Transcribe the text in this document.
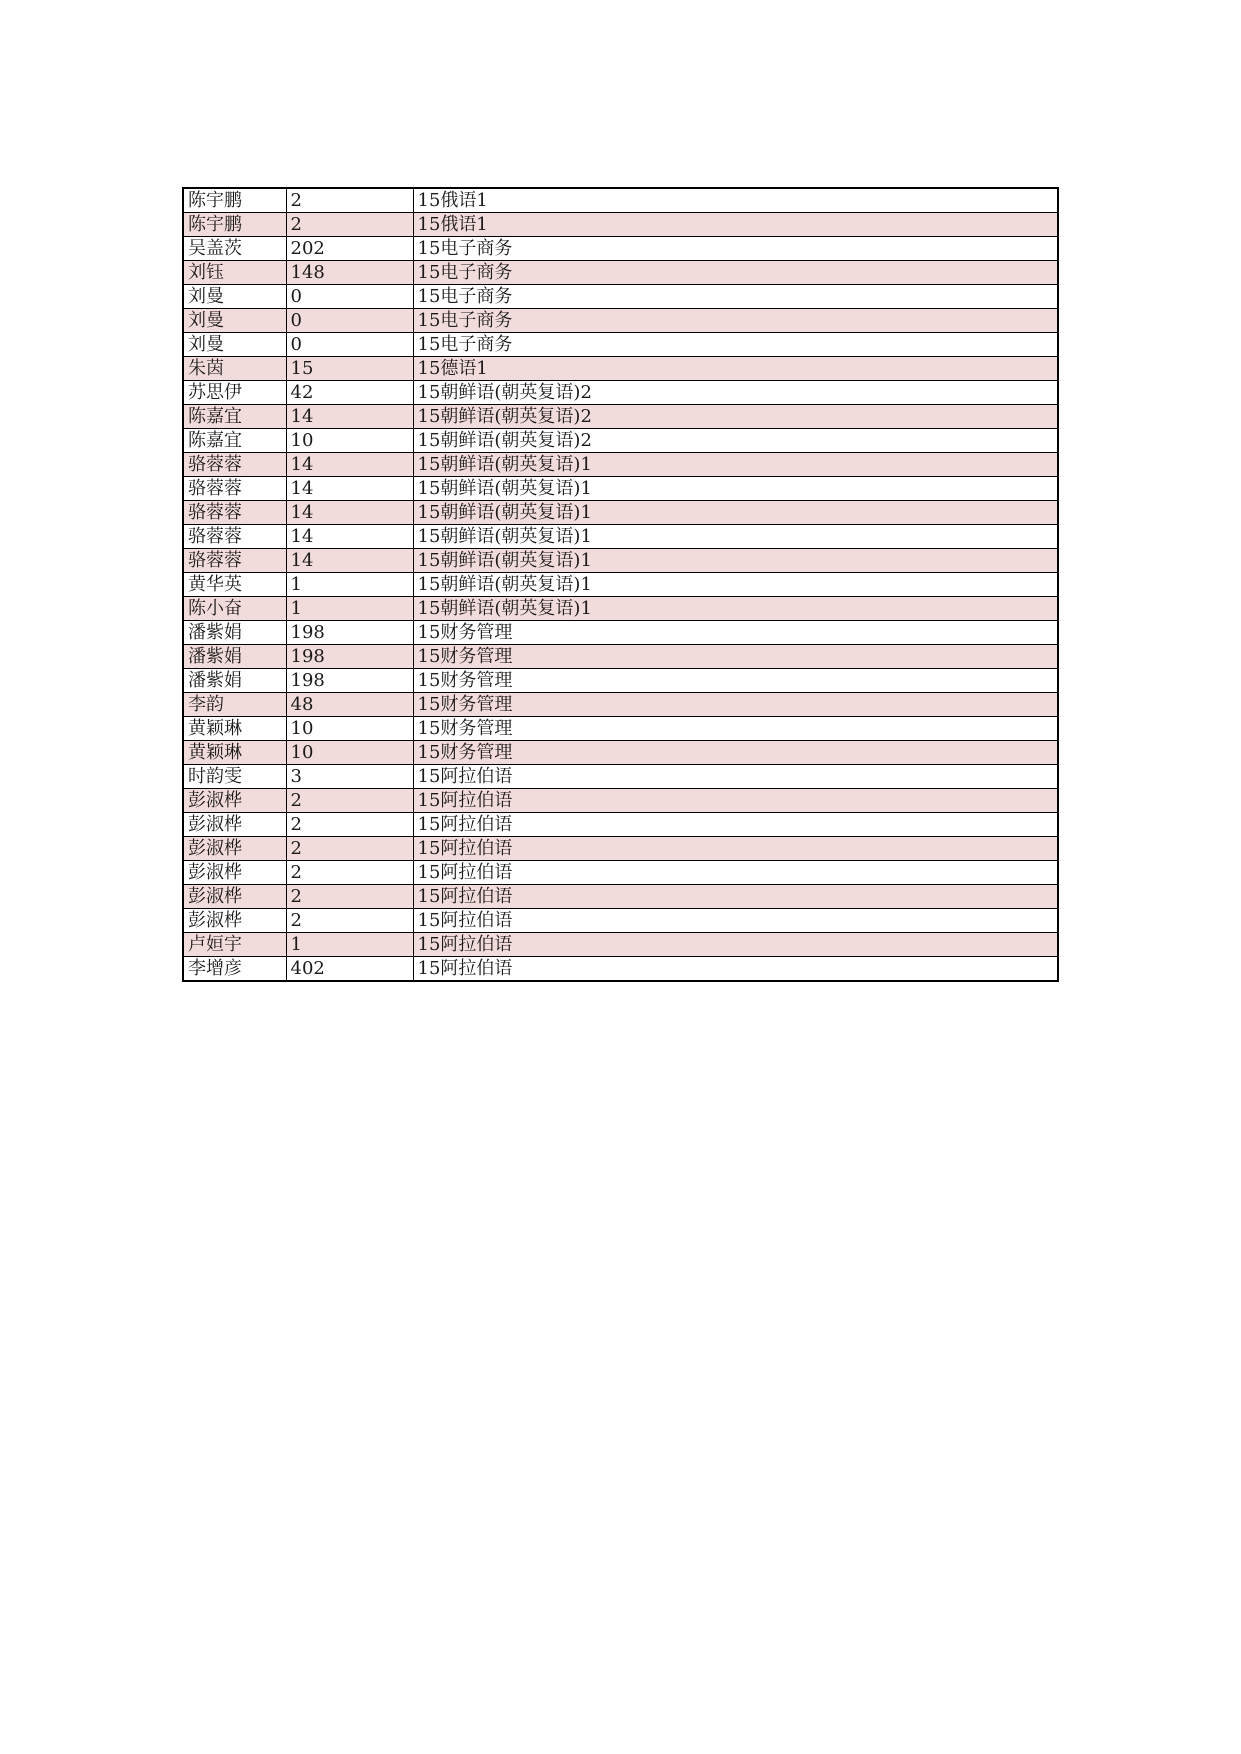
陈宇鹏	2	15俄语1
陈宇鹏	2	15俄语1
吴盖茨	202	15电子商务
刘钰	148	15电子商务
刘曼	0	15电子商务
刘曼	0	15电子商务
刘曼	0	15电子商务
朱茵	15	15德语1
苏思伊	42	15朝鲜语(朝英复语)2
陈嘉宜	14	15朝鲜语(朝英复语)2
陈嘉宜	10	15朝鲜语(朝英复语)2
骆蓉蓉	14	15朝鲜语(朝英复语)1
骆蓉蓉	14	15朝鲜语(朝英复语)1
骆蓉蓉	14	15朝鲜语(朝英复语)1
骆蓉蓉	14	15朝鲜语(朝英复语)1
骆蓉蓉	14	15朝鲜语(朝英复语)1
黄华英	1	15朝鲜语(朝英复语)1
陈小奋	1	15朝鲜语(朝英复语)1
潘紫娟	198	15财务管理
潘紫娟	198	15财务管理
潘紫娟	198	15财务管理
李韵	48	15财务管理
黄颖琳	10	15财务管理
黄颖琳	10	15财务管理
时韵雯	3	15阿拉伯语
彭淑桦	2	15阿拉伯语
彭淑桦	2	15阿拉伯语
彭淑桦	2	15阿拉伯语
彭淑桦	2	15阿拉伯语
彭淑桦	2	15阿拉伯语
彭淑桦	2	15阿拉伯语
卢姮宇	1	15阿拉伯语
李增彦	402	15阿拉伯语
